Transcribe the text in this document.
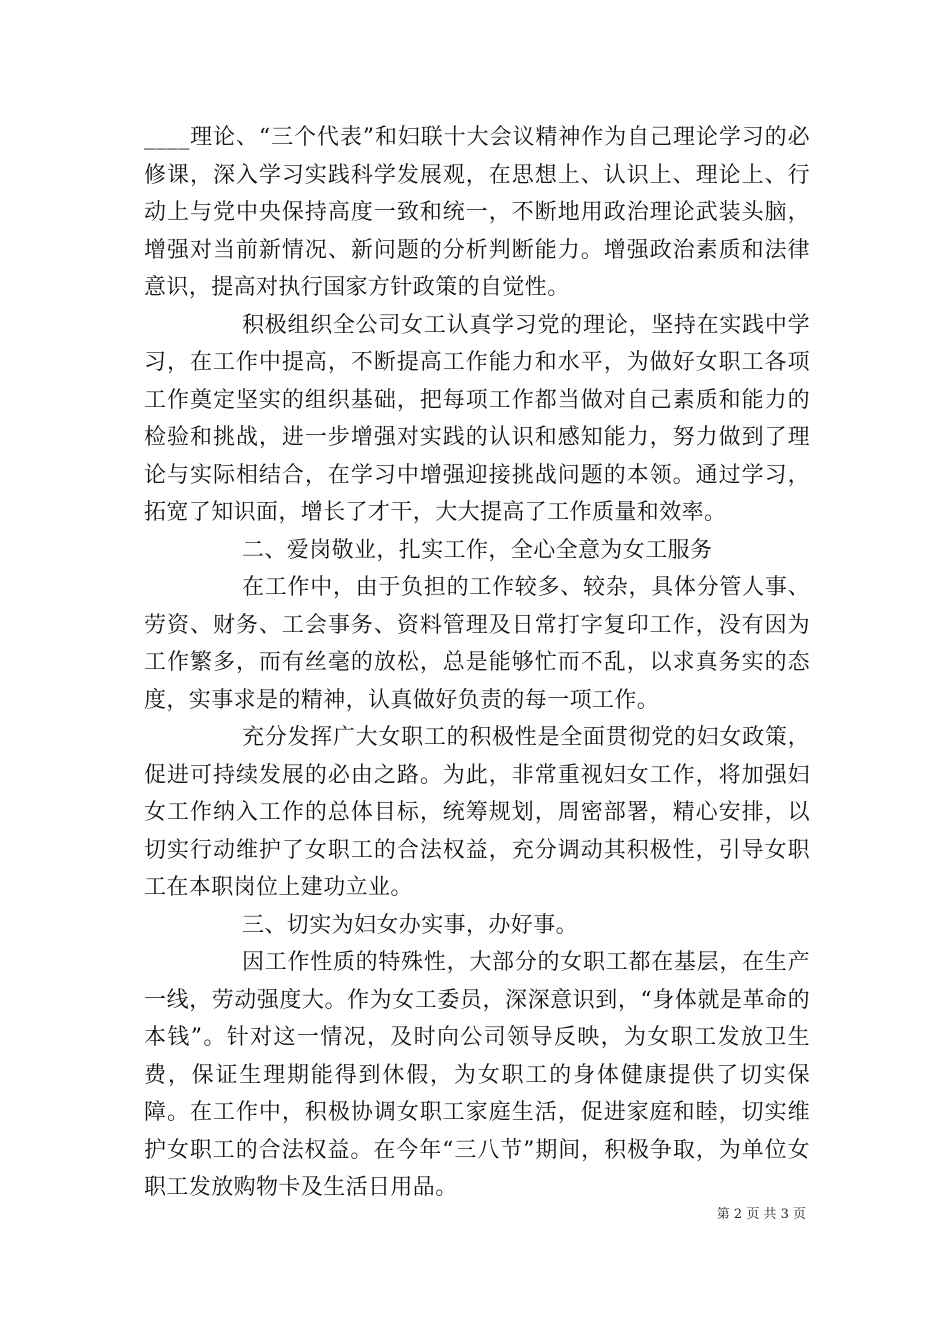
____理论、“三个代表”和妇联十大会议精神作为自己理论学习的必修课，深入学习实践科学发展观，在思想上、认识上、理论上、行动上与党中央保持高度一致和统一，不断地用政治理论武装头脑，增强对当前新情况、新问题的分析判断能力。增强政治素质和法律意识，提高对执行国家方针政策的自觉性。

积极组织全公司女工认真学习党的理论，坚持在实践中学习，在工作中提高，不断提高工作能力和水平，为做好女职工各项工作奠定坚实的组织基础，把每项工作都当做对自己素质和能力的检验和挑战，进一步增强对实践的认识和感知能力，努力做到了理论与实际相结合，在学习中增强迎接挑战问题的本领。通过学习，拓宽了知识面，增长了才干，大大提高了工作质量和效率。

二、爱岗敬业，扎实工作，全心全意为女工服务

在工作中，由于负担的工作较多、较杂，具体分管人事、劳资、财务、工会事务、资料管理及日常打字复印工作，没有因为工作繁多，而有丝毫的放松，总是能够忙而不乱，以求真务实的态度，实事求是的精神，认真做好负责的每一项工作。

充分发挥广大女职工的积极性是全面贯彻党的妇女政策，促进可持续发展的必由之路。为此，非常重视妇女工作，将加强妇女工作纳入工作的总体目标，统筹规划，周密部署，精心安排，以切实行动维护了女职工的合法权益，充分调动其积极性，引导女职工在本职岗位上建功立业。

三、切实为妇女办实事，办好事。

因工作性质的特殊性，大部分的女职工都在基层，在生产一线，劳动强度大。作为女工委员，深深意识到，“身体就是革命的本钱”。针对这一情况，及时向公司领导反映，为女职工发放卫生费，保证生理期能得到休假，为女职工的身体健康提供了切实保障。在工作中，积极协调女职工家庭生活，促进家庭和睦，切实维护女职工的合法权益。在今年“三八节”期间，积极争取，为单位女职工发放购物卡及生活日用品。

第 2 页 共 3 页
